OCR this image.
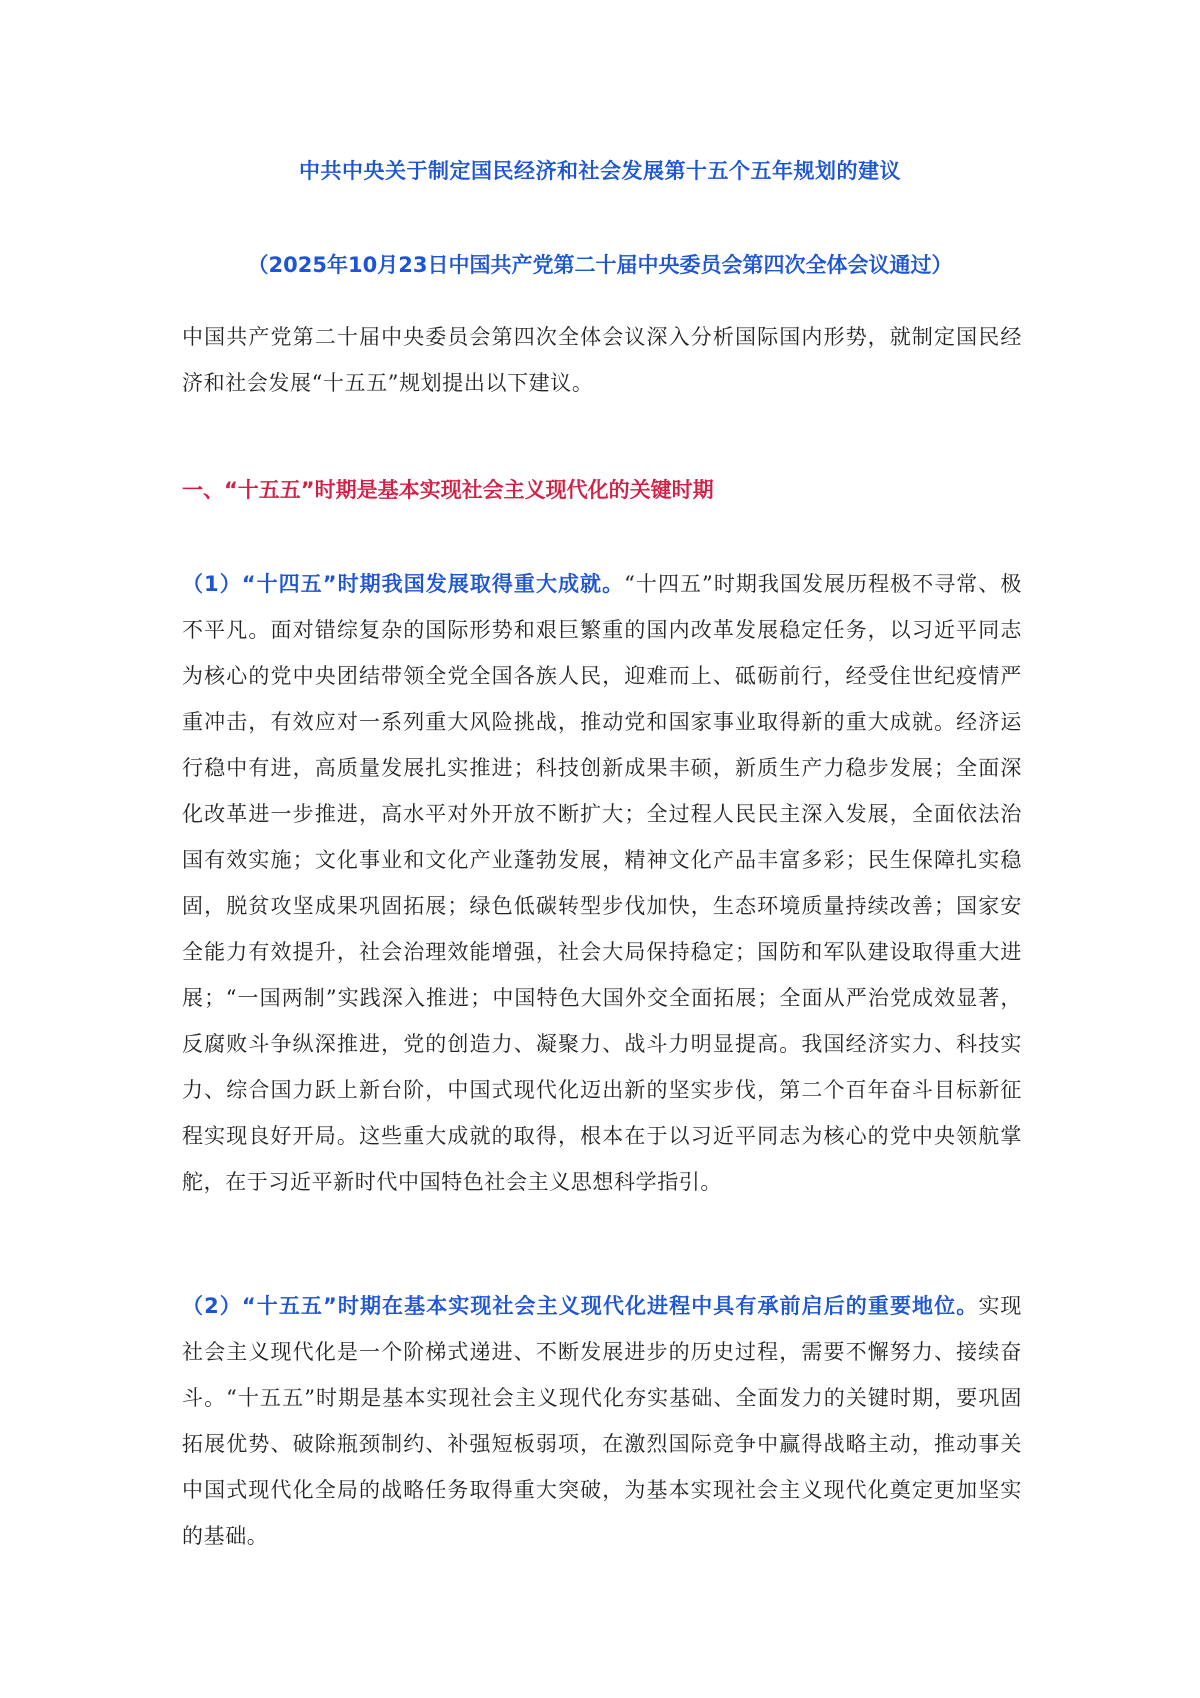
中共中央关于制定国民经济和社会发展第十五个五年规划的建议
（2025年10月23日中国共产党第二十届中央委员会第四次全体会议通过）

中国共产党第二十届中央委员会第四次全体会议深入分析国际国内形势，就制定国民经济和社会发展“十五五”规划提出以下建议。

一、“十五五”时期是基本实现社会主义现代化的关键时期

（1）“十四五”时期我国发展取得重大成就。“十四五”时期我国发展历程极不寻常、极不平凡。面对错综复杂的国际形势和艰巨繁重的国内改革发展稳定任务，以习近平同志为核心的党中央团结带领全党全国各族人民，迎难而上、砥砺前行，经受住世纪疫情严重冲击，有效应对一系列重大风险挑战，推动党和国家事业取得新的重大成就。经济运行稳中有进，高质量发展扎实推进；科技创新成果丰硕，新质生产力稳步发展；全面深化改革进一步推进，高水平对外开放不断扩大；全过程人民民主深入发展，全面依法治国有效实施；文化事业和文化产业蓬勃发展，精神文化产品丰富多彩；民生保障扎实稳固，脱贫攻坚成果巩固拓展；绿色低碳转型步伐加快，生态环境质量持续改善；国家安全能力有效提升，社会治理效能增强，社会大局保持稳定；国防和军队建设取得重大进展；“一国两制”实践深入推进；中国特色大国外交全面拓展；全面从严治党成效显著，反腐败斗争纵深推进，党的创造力、凝聚力、战斗力明显提高。我国经济实力、科技实力、综合国力跃上新台阶，中国式现代化迈出新的坚实步伐，第二个百年奋斗目标新征程实现良好开局。这些重大成就的取得，根本在于以习近平同志为核心的党中央领航掌舵，在于习近平新时代中国特色社会主义思想科学指引。

（2）“十五五”时期在基本实现社会主义现代化进程中具有承前启后的重要地位。实现社会主义现代化是一个阶梯式递进、不断发展进步的历史过程，需要不懈努力、接续奋斗。“十五五”时期是基本实现社会主义现代化夯实基础、全面发力的关键时期，要巩固拓展优势、破除瓶颈制约、补强短板弱项，在激烈国际竞争中赢得战略主动，推动事关中国式现代化全局的战略任务取得重大突破，为基本实现社会主义现代化奠定更加坚实的基础。
